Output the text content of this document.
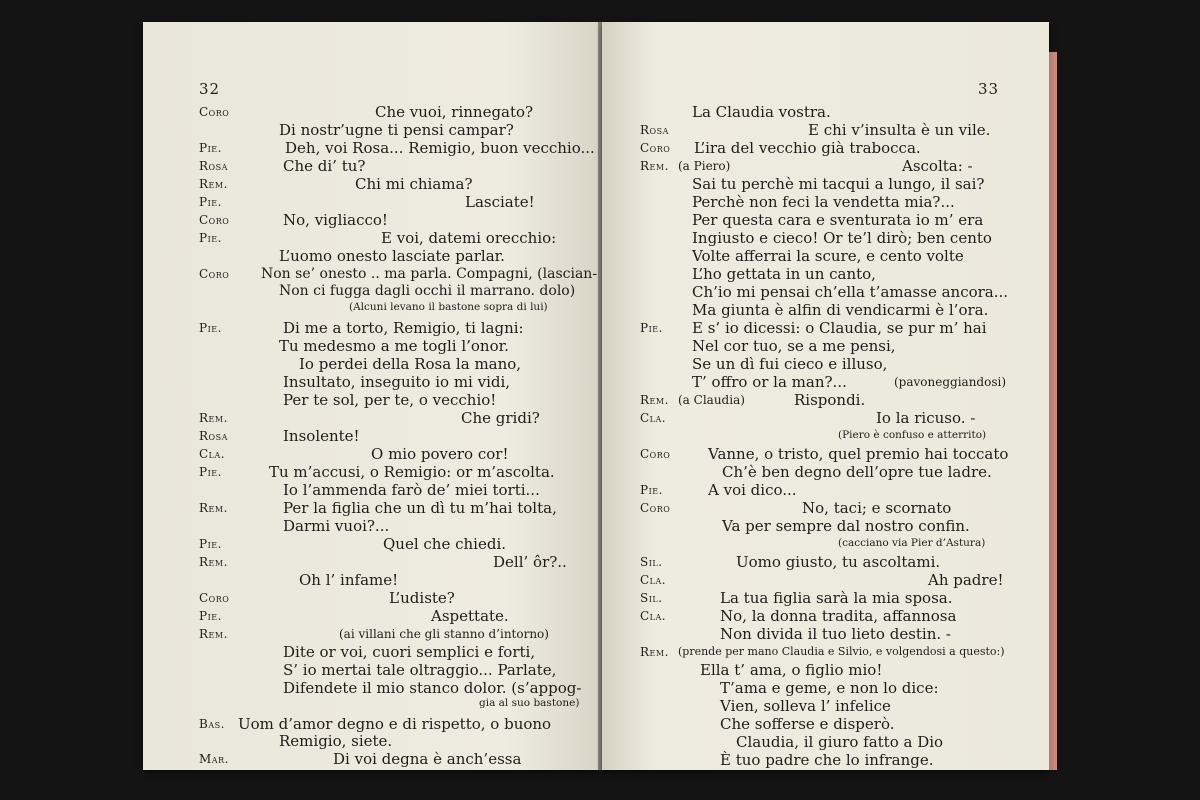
32
Coro	Che vuoi, rinnegato?
Di nostr’ugne ti pensi campar?
Pie.	Deh, voi Rosa... Remigio, buon vecchio...
Rosa	Che di’ tu?
Rem.	Chi mi chiama?
Pie.	Lasciate!
Coro	No, vigliacco!
Pie.	E voi, datemi orecchio:
L’uomo onesto lasciate parlar.
Coro Non se’ onesto .. ma parla. Compagni, (lascian-
Non ci fugga dagli occhi il marrano. dolo)
(Alcuni levano il bastone sopra di lui)
Pie.	Di me a torto, Remigio, ti lagni:
Tu medesmo a me togli l’onor.
Io perdei della Rosa la mano,
Insultato, inseguito io mi vidi,
Per te sol, per te, o vecchio!
Rem.	Che gridi?
Rosa	Insolente!
Cla.	O mio povero cor!
Pie.	Tu m’accusi, o Remigio: or m’ascolta.
Io l’ammenda farò de’ miei torti...
Rem.	Per la figlia che un dì tu m’hai tolta,
Darmi vuoi?...
Pie.	Quel che chiedi.
Rem.	Dell’ ôr?..
Oh l’ infame!
Coro	L’udiste?
Pie.	Aspettate.
Rem.	(ai villani che gli stanno d’intorno)
Dite or voi, cuori semplici e forti,
S’ io mertai tale oltraggio... Parlate,
Difendete il mio stanco dolor. (s’appog-
gia al suo bastone)
Bas. Uom d’amor degno e di rispetto, o buono
Remigio, siete.
Mar.	Di voi degna è anch’essa
33
La Claudia vostra.
Rosa	E chi v’insulta è un vile.
Coro L’ira del vecchio già trabocca.
Rem. (a Piero)	Ascolta: -
Sai tu perchè mi tacqui a lungo, il sai?
Perchè non feci la vendetta mia?...
Per questa cara e sventurata io m’ era
Ingiusto e cieco! Or te’l dirò; ben cento
Volte afferrai la scure, e cento volte
L’ho gettata in un canto,
Ch’io mi pensai ch’ella t’amasse ancora...
Ma giunta è alfin di vendicarmi è l’ora.
Pie. E s’ io dicessi: o Claudia, se pur m’ hai
Nel cor tuo, se a me pensi,
Se un dì fui cieco e illuso,
T’ offro or la man?...	(pavoneggiandosi)
Rem. (a Claudia)	Rispondi.
Cla.	Io la ricuso. -
(Piero è confuso e atterrito)
Coro	Vanne, o tristo, quel premio hai toccato
Ch’è ben degno dell’opre tue ladre.
Pie.	A voi dico...
Coro	No, taci; e scornato
Va per sempre dal nostro confin.
(cacciano via Pier d’Astura)
Sil.	Uomo giusto, tu ascoltami.
Cla.	Ah padre!
Sil.	La tua figlia sarà la mia sposa.
Cla.	No, la donna tradita, affannosa
Non divida il tuo lieto destin. -
Rem. (prende per mano Claudia e Silvio, e volgendosi a questo:)
Ella t’ ama, o figlio mio!
T’ama e geme, e non lo dice:
Vien, solleva l’ infelice
Che sofferse e disperò.
Claudia, il giuro fatto a Dio
È tuo padre che lo infrange.
